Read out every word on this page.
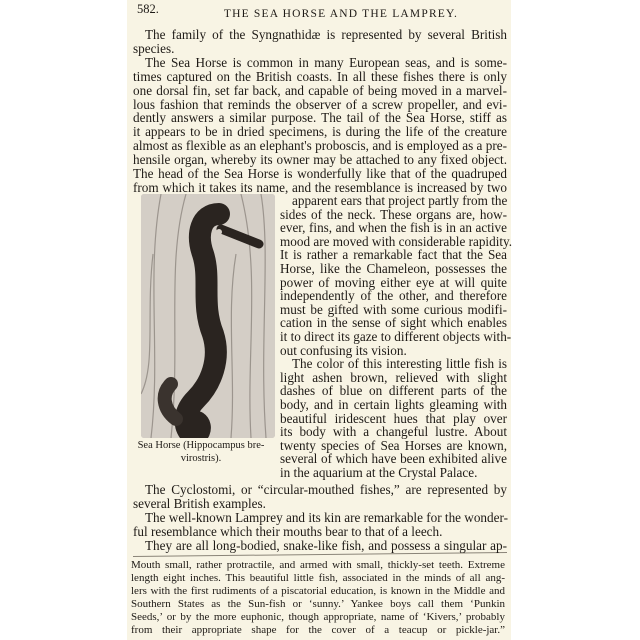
582.	THE SEA HORSE AND THE LAMPREY.
Sea Horse (Hippocampus bre-
virostris).
The family of the Syngnathidæ is represented by several British
species.
The Sea Horse is common in many European seas, and is some-
times captured on the British coasts. In all these fishes there is only
one dorsal fin, set far back, and capable of being moved in a marvel-
lous fashion that reminds the observer of a screw propeller, and evi-
dently answers a similar purpose. The tail of the Sea Horse, stiff as
it appears to be in dried specimens, is during the life of the creature
almost as flexible as an elephant's proboscis, and is employed as a pre-
hensile organ, whereby its owner may be attached to any fixed object.
The head of the Sea Horse is wonderfully like that of the quadruped
from which it takes its name, and the resemblance is increased by two
apparent ears that project partly from the
sides of the neck. These organs are, how-
ever, fins, and when the fish is in an active
mood are moved with considerable rapidity.
It is rather a remarkable fact that the Sea
Horse, like the Chameleon, possesses the
power of moving either eye at will quite
independently of the other, and therefore
must be gifted with some curious modifi-
cation in the sense of sight which enables
it to direct its gaze to different objects with-
out confusing its vision.
The color of this interesting little fish is
light ashen brown, relieved with slight
dashes of blue on different parts of the
body, and in certain lights gleaming with
beautiful iridescent hues that play over
its body with a changeful lustre. About
twenty species of Sea Horses are known,
several of which have been exhibited alive
in the aquarium at the Crystal Palace.
The Cyclostomi, or “circular-mouthed fishes,” are represented by
several British examples.
The well-known Lamprey and its kin are remarkable for the wonder-
ful resemblance which their mouths bear to that of a leech.
They are all long-bodied, snake-like fish, and possess a singular ap-
Mouth small, rather protractile, and armed with small, thickly-set teeth. Extreme
length eight inches. This beautiful little fish, associated in the minds of all ang-
lers with the first rudiments of a piscatorial education, is known in the Middle and
Southern States as the Sun-fish or ‘sunny.’ Yankee boys call them ‘Punkin
Seeds,’ or by the more euphonic, though appropriate, name of ‘Kivers,’ probably
from their appropriate shape for the cover of a teacup or pickle-jar.”
